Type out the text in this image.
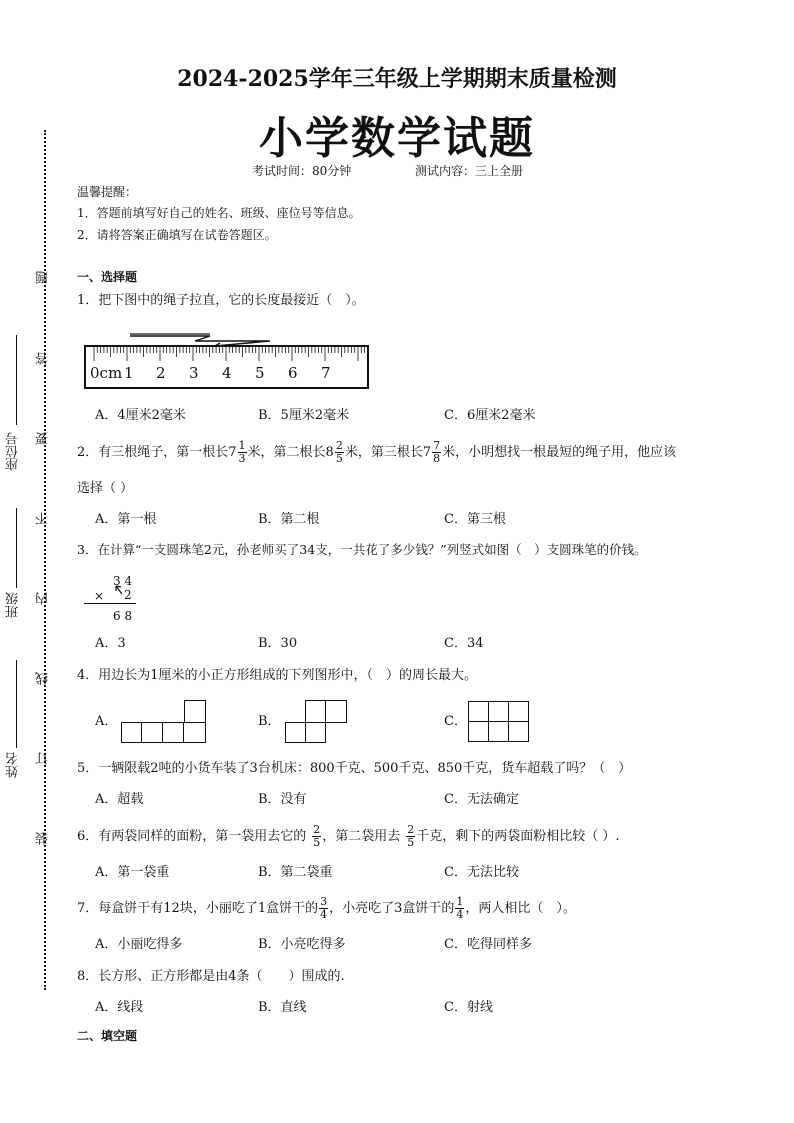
2024-2025学年三年级上学期期末质量检测
小学数学试题
考试时间：80分钟	测试内容：三上全册
温馨提醒：
1．答题前填写好自己的姓名、班级、座位号等信息。
2．请将答案正确填写在试卷答题区。
座位号
班级
姓名
题
答
要
不
内
线
订
装
一、选择题
1．把下图中的绳子拉直，它的长度最接近（　）。
0cm 1 2 3 4 5 6 7
A．4厘米2毫米	B．5厘米2毫米	C．6厘米2毫米
2．有三根绳子，第一根长$7 \frac{1}{3}$ 米，第二根长$8 \frac{2}{5}$ 米，第三根长$7 \frac{7}{8}$ 米，小明想找一根最短的绳子用，他应该
选择（ ）
A．第一根	B．第二根	C．第三根
3．在计算“一支圆珠笔2元，孙老师买了34支，一共花了多少钱？”列竖式如图（　）支圆珠笔的价钱。
3 4
× 2
6 8
A．3	B．30	C．34
4．用边长为1厘米的小正方形组成的下列图形中，（　）的周长最大。
A．	B．	C．

5．一辆限载2吨的小货车装了3台机床：800千克、500千克、850千克，货车超载了吗？（　）
A．超载	B．没有	C．无法确定
6．有两袋同样的面粉，第一袋用去它的 $\frac{2}{5}$ ，第二袋用去 $\frac{2}{5}$ 千克，剩下的两袋面粉相比较（ ）.
A．第一袋重	B．第二袋重	C．无法比较
7．每盒饼干有12块，小丽吃了1盒饼干的 $\frac{3}{4}$ ，小亮吃了3盒饼干的 $\frac{1}{4}$ ，两人相比（　）。
A．小丽吃得多	B．小亮吃得多	C．吃得同样多
8．长方形、正方形都是由4条（　　）围成的.
A．线段	B．直线	C．射线
二、填空题
